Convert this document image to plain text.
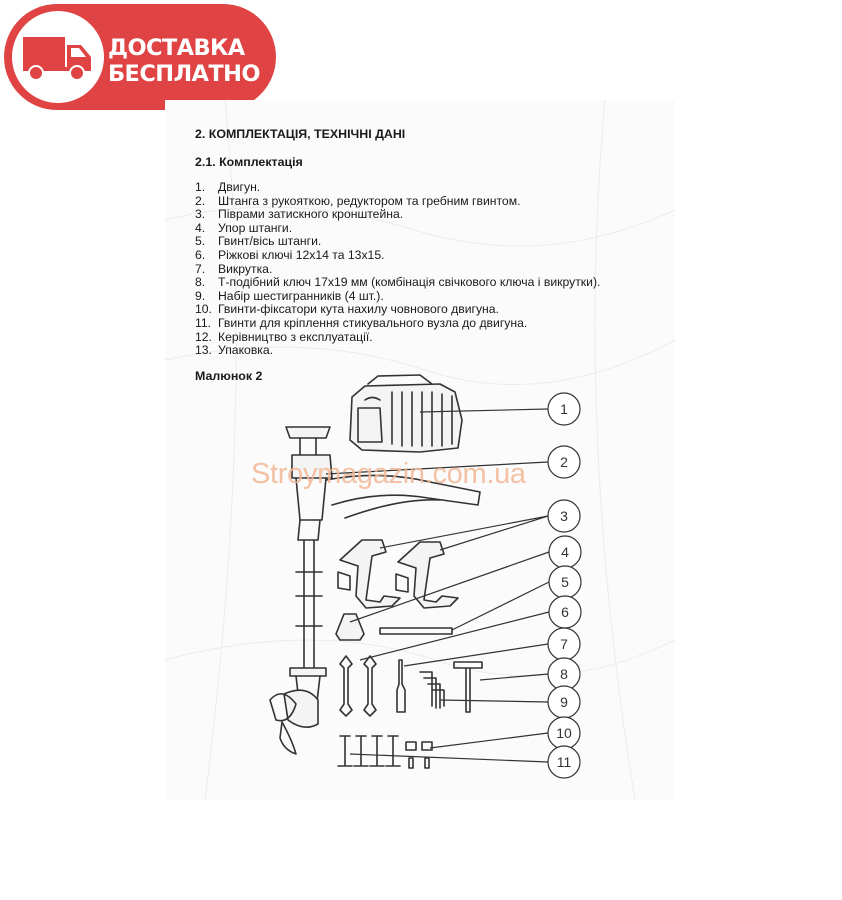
ДОСТАВКА
БЕСПЛАТНО
2. КОМПЛЕКТАЦІЯ, ТЕХНІЧНІ ДАНІ
2.1. Комплектація
1. Двигун.
2. Штанга з рукояткою, редуктором та гребним гвинтом.
3. Піврами затискного кронштейна.
4. Упор штанги.
5. Гвинт/вісь штанги.
6. Ріжкові ключі 12х14 та 13х15.
7. Викрутка.
8. Т-подібний ключ 17х19 мм (комбінація свічкового ключа і викрутки).
9. Набір шестигранників (4 шт.).
10. Гвинти-фіксатори кута нахилу човнового двигуна.
11. Гвинти для кріплення стикувального вузла до двигуна.
12. Керівництво з експлуатації.
13. Упаковка.
Малюнок 2
1
2
3
4
5
6
7
8
9
10
11
Stroymagazin.com.ua
